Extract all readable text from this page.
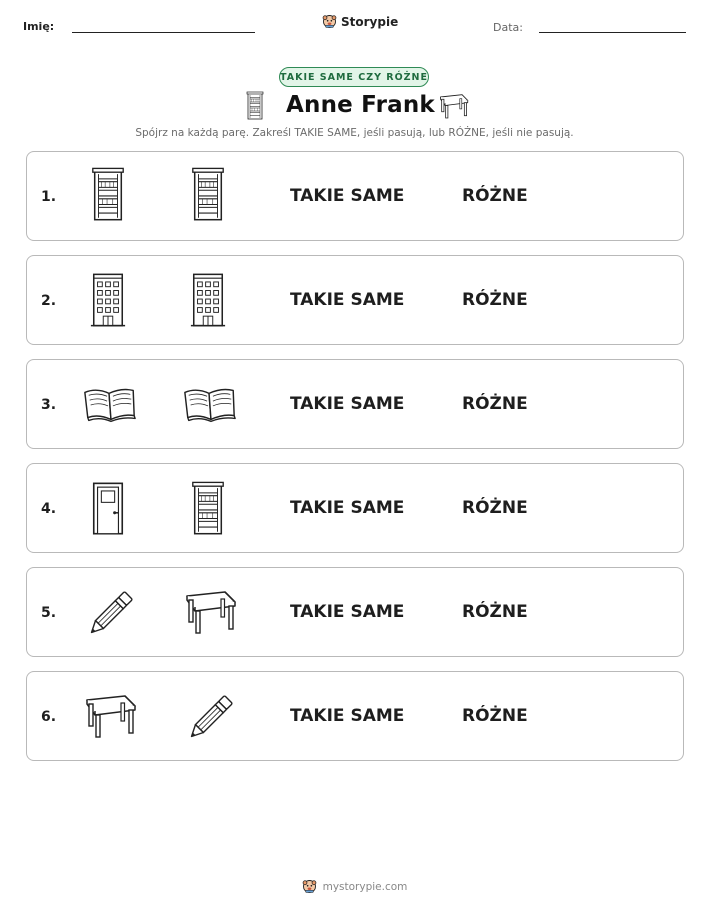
Imię:	Storypie	Data:
TAKIE SAME CZY RÓŻNE
Anne Frank
Spójrz na każdą parę. Zakreśl TAKIE SAME, jeśli pasują, lub RÓŻNE, jeśli nie pasują.
1.	TAKIE SAME	RÓŻNE
2.	TAKIE SAME	RÓŻNE
3.	TAKIE SAME	RÓŻNE
4.	TAKIE SAME	RÓŻNE
5.	TAKIE SAME	RÓŻNE
6.	TAKIE SAME	RÓŻNE
mystorypie.com
